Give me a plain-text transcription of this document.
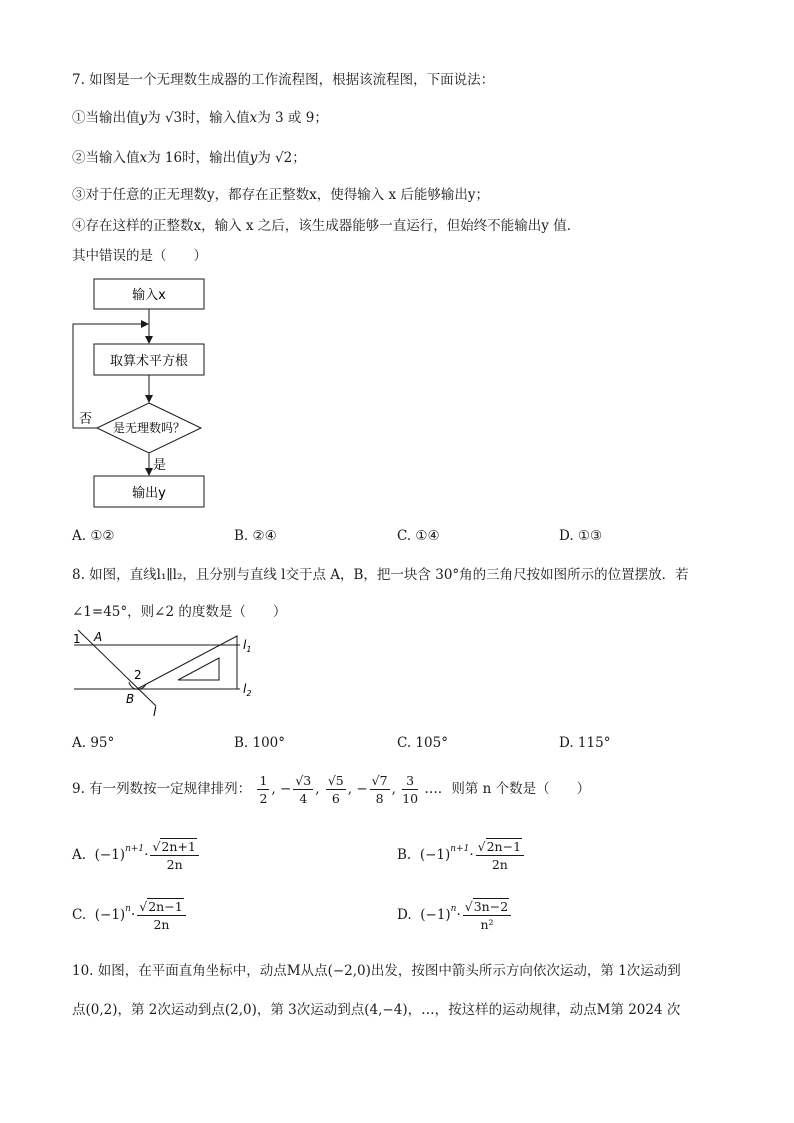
7. 如图是一个无理数生成器的工作流程图，根据该流程图，下面说法：
①当输出值y为 √3时，输入值x为 3 或 9；
②当输入值x为 16时，输出值y为 √2；
③对于任意的正无理数y，都存在正整数x，使得输入 x 后能够输出y；
④存在这样的正整数x，输入 x 之后，该生成器能够一直运行，但始终不能输出y 值．
其中错误的是（　　）
输入x
取算术平方根
是无理数吗？
否
是
输出y
1 A
2
B
l
$l_1$
$l_2$
A. ①②	B. ②④	C. ①④	D. ①③
8. 如图，直线l₁∥l₂，且分别与直线 l交于点 A，B，把一块含 30°角的三角尺按如图所示的位置摆放．若
∠1=45°，则∠2 的度数是（　　）
A. 95°	B. 100°	C. 105°	D. 115°
9. 有一列数按一定规律排列： $\frac{1}{2}$ , − $\frac{√3}{4}$ , $\frac{√5}{6}$ , − $\frac{√7}{8}$ , $\frac{3}{10}$ …．则第 n 个数是（　　）
A. $(-1)^{n+1}\cdot \frac{√2n+1}{2n}$	B. $(-1)^{n+1}\cdot \frac{√2n-1}{2n}$
C. $(-1)^n\cdot \frac{√2n-1}{2n}$	D. $(-1)^n\cdot \frac{√3n-2}{\text{n²}}$
10. 如图，在平面直角坐标中，动点M从点(−2,0)出发，按图中箭头所示方向依次运动，第 1次运动到
点(0,2)，第 2次运动到点(2,0)，第 3次运动到点(4,−4)，…，按这样的运动规律，动点M第 2024 次
